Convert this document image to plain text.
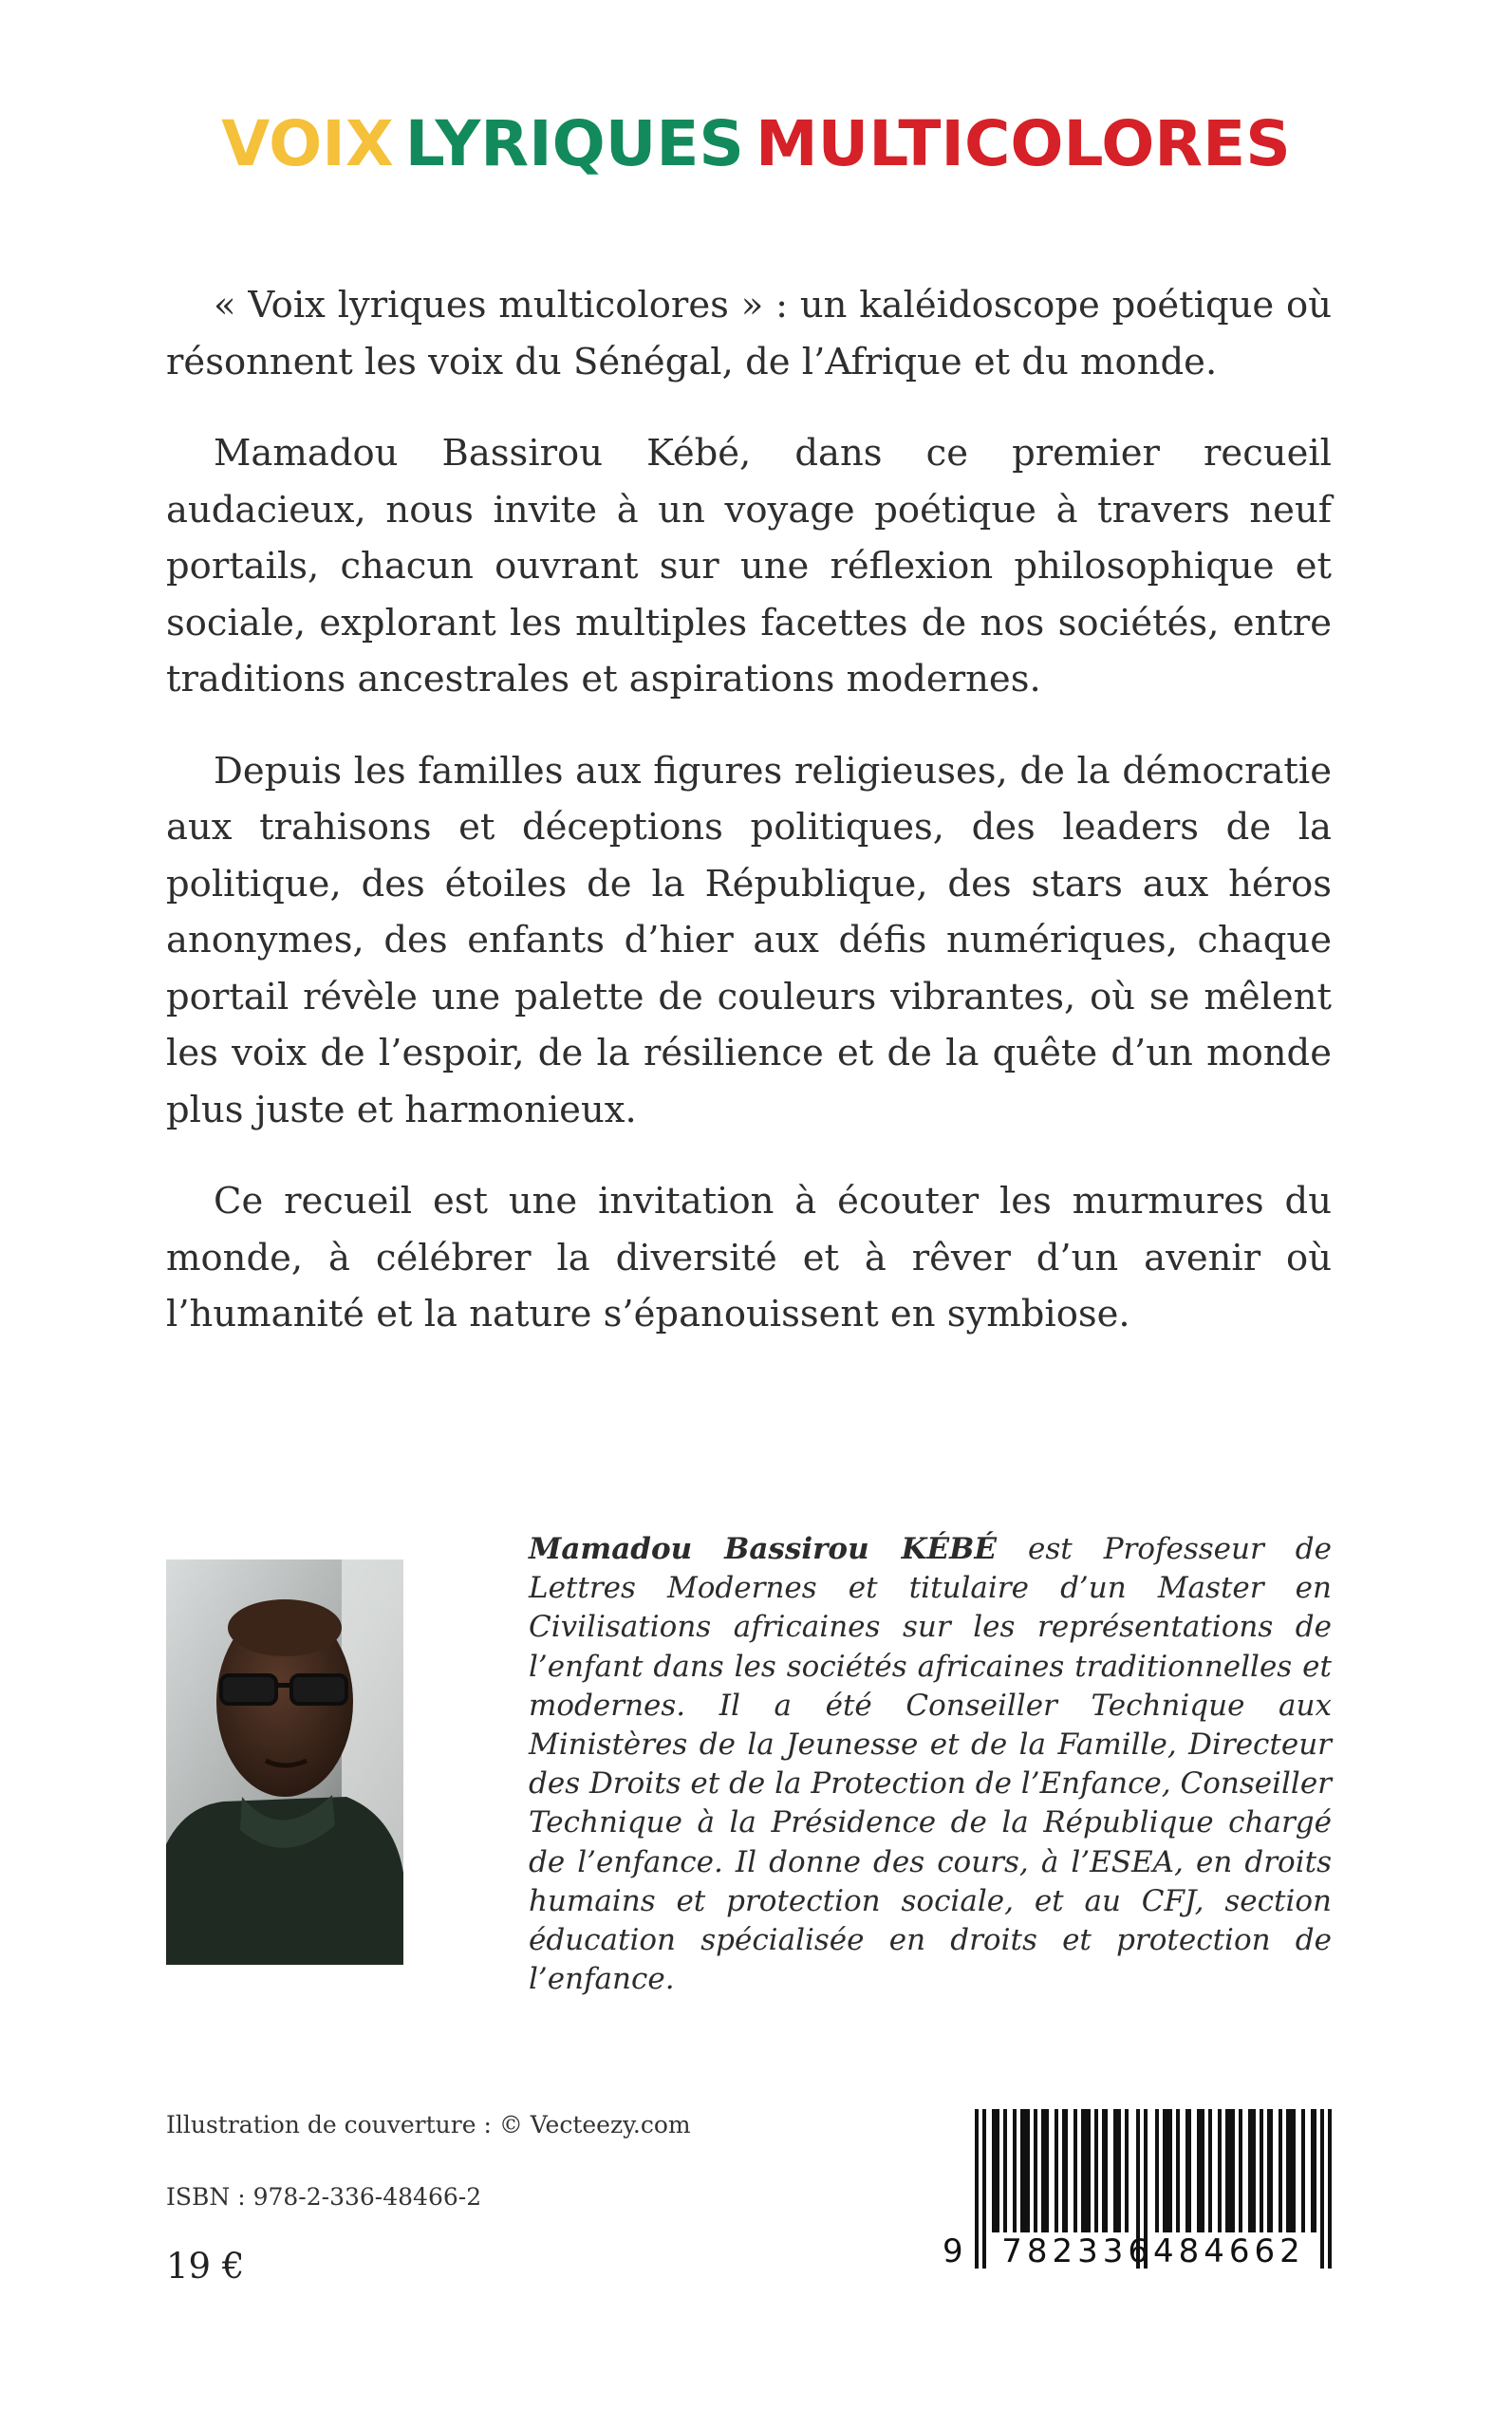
VOIX LYRIQUES MULTICOLORES

« Voix lyriques multicolores » : un kaléidoscope poétique où résonnent les voix du Sénégal, de l’Afrique et du monde.

Mamadou Bassirou Kébé, dans ce premier recueil audacieux, nous invite à un voyage poétique à travers neuf portails, chacun ouvrant sur une réflexion philosophique et sociale, explorant les multiples facettes de nos sociétés, entre traditions ancestrales et aspirations modernes.

Depuis les familles aux figures religieuses, de la démocratie aux trahisons et déceptions politiques, des leaders de la politique, des étoiles de la République, des stars aux héros anonymes, des enfants d’hier aux défis numériques, chaque portail révèle une palette de couleurs vibrantes, où se mêlent les voix de l’espoir, de la résilience et de la quête d’un monde plus juste et harmonieux.

Ce recueil est une invitation à écouter les murmures du monde, à célébrer la diversité et à rêver d’un avenir où l’humanité et la nature s’épanouissent en symbiose.

Mamadou Bassirou KÉBÉ est Professeur de Lettres Modernes et titulaire d’un Master en Civilisations africaines sur les représentations de l’enfant dans les sociétés africaines traditionnelles et modernes. Il a été Conseiller Technique aux Ministères de la Jeunesse et de la Famille, Directeur des Droits et de la Protection de l’Enfance, Conseiller Technique à la Présidence de la République chargé de l’enfance. Il donne des cours, à l’ESEA, en droits humains et protection sociale, et au CFJ, section éducation spécialisée en droits et protection de l’enfance.

Illustration de couverture : © Vecteezy.com

ISBN : 978-2-336-48466-2

19 €	9	782336484662
